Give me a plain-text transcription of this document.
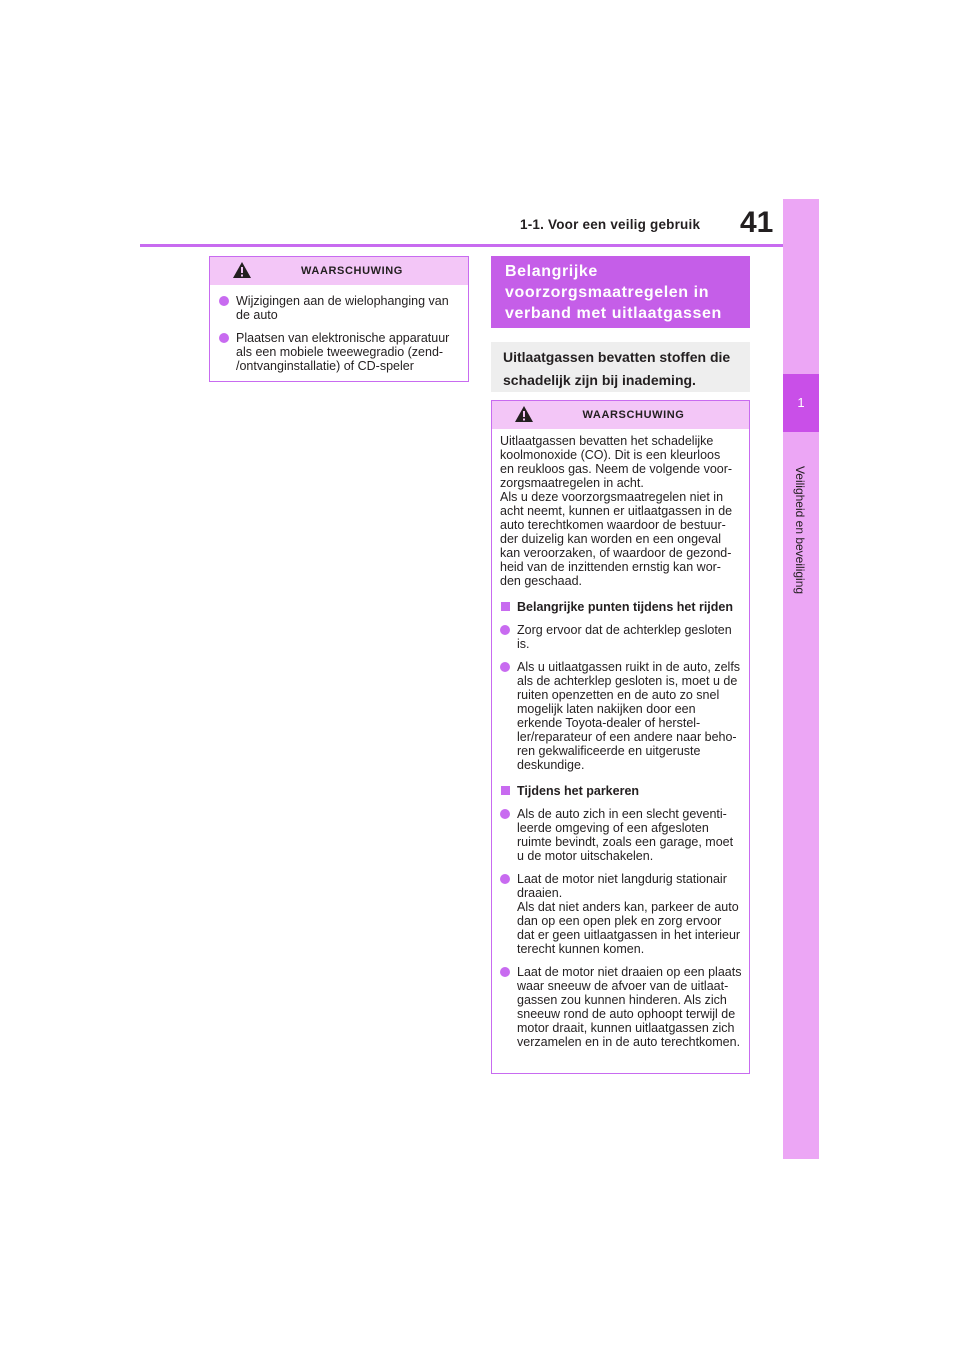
1-1. Voor een veilig gebruik	41
1
Veiligheid en beveiliging
WAARSCHUWING
Wijzigingen aan de wielophanging van
de auto
Plaatsen van elektronische apparatuur
als een mobiele tweewegradio (zend-
/ontvanginstallatie) of CD-speler
Belangrijke
voorzorgsmaatregelen in
verband met uitlaatgassen
Uitlaatgassen bevatten stoffen die
schadelijk zijn bij inademing.
WAARSCHUWING

Uitlaatgassen bevatten het schadelijke
koolmonoxide (CO). Dit is een kleurloos
en reukloos gas. Neem de volgende voor-
zorgsmaatregelen in acht.
Als u deze voorzorgsmaatregelen niet in
acht neemt, kunnen er uitlaatgassen in de
auto terechtkomen waardoor de bestuur-
der duizelig kan worden en een ongeval
kan veroorzaken, of waardoor de gezond-
heid van de inzittenden ernstig kan wor-
den geschaad.

Belangrijke punten tijdens het rijden
Zorg ervoor dat de achterklep gesloten
is.
Als u uitlaatgassen ruikt in de auto, zelfs
als de achterklep gesloten is, moet u de
ruiten openzetten en de auto zo snel
mogelijk laten nakijken door een
erkende Toyota-dealer of herstel-
ler/reparateur of een andere naar beho-
ren gekwalificeerde en uitgeruste
deskundige.
Tijdens het parkeren
Als de auto zich in een slecht geventi-
leerde omgeving of een afgesloten
ruimte bevindt, zoals een garage, moet
u de motor uitschakelen.
Laat de motor niet langdurig stationair
draaien.
Als dat niet anders kan, parkeer de auto
dan op een open plek en zorg ervoor
dat er geen uitlaatgassen in het interieur
terecht kunnen komen.
Laat de motor niet draaien op een plaats
waar sneeuw de afvoer van de uitlaat-
gassen zou kunnen hinderen. Als zich
sneeuw rond de auto ophoopt terwijl de
motor draait, kunnen uitlaatgassen zich
verzamelen en in de auto terechtkomen.
